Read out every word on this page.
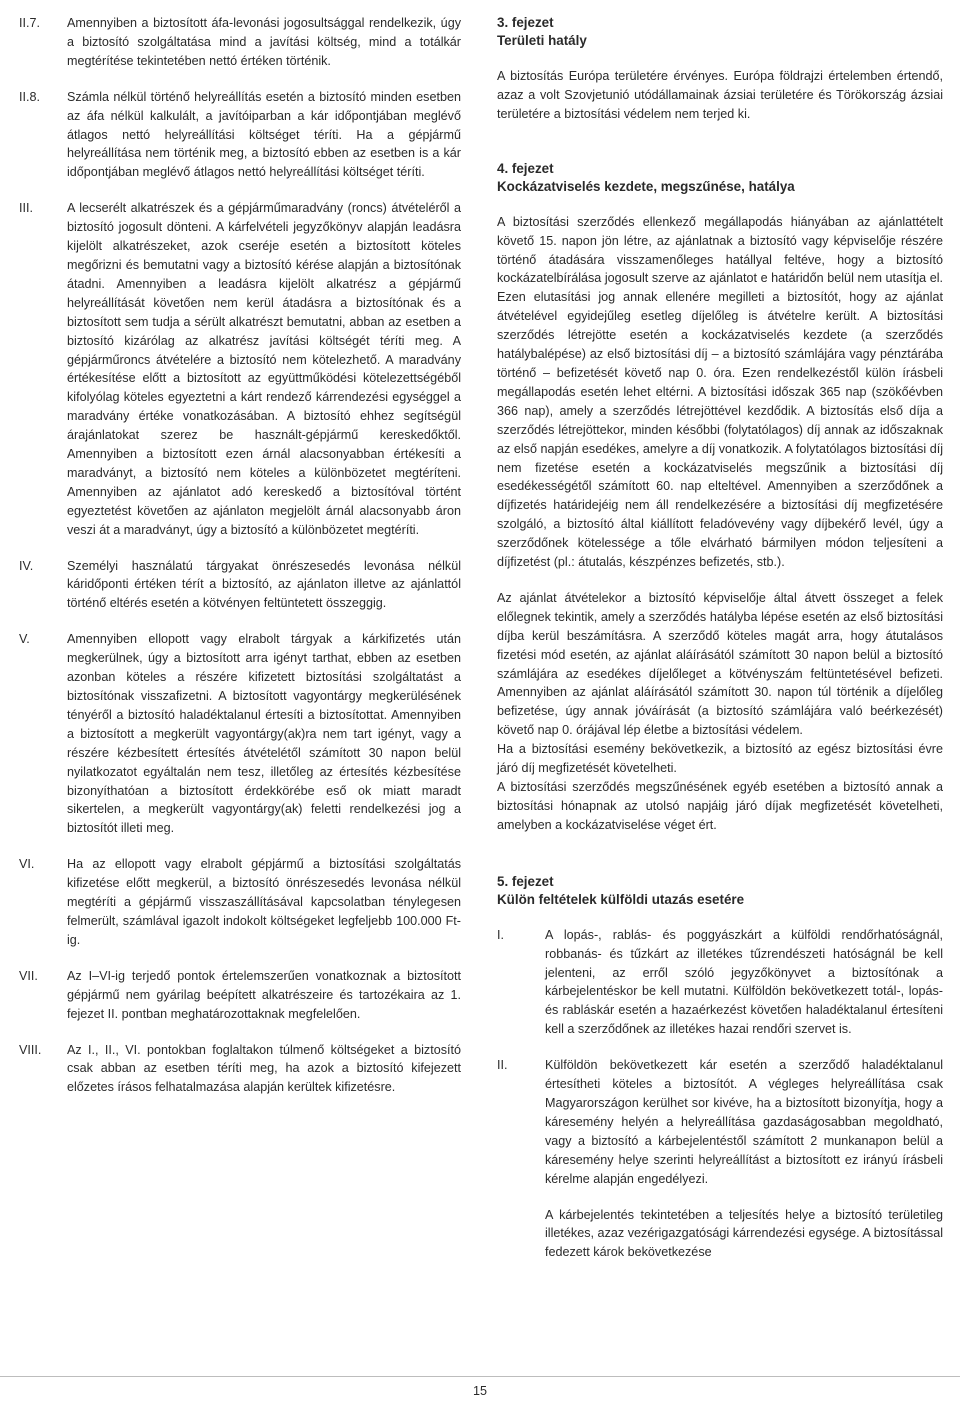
II.7.	Amennyiben a biztosított áfa-levonási jogosultsággal rendelkezik, úgy a biztosító szolgáltatása mind a javítási költség, mind a totálkár megtérítése tekintetében nettó értéken történik.

II.8.	Számla nélkül történő helyreállítás esetén a biztosító minden esetben az áfa nélkül kalkulált, a javítóiparban a kár időpontjában meglévő átlagos nettó helyreállítási költséget téríti. Ha a gépjármű helyreállítása nem történik meg, a biztosító ebben az esetben is a kár időpontjában meglévő átlagos nettó helyreállítási költséget téríti.

III.	A lecserélt alkatrészek és a gépjárműmaradvány (roncs) átvételéről a biztosító jogosult dönteni. A kárfelvételi jegyzőkönyv alapján leadásra kijelölt alkatrészeket, azok cseréje esetén a biztosított köteles megőrizni és bemutatni vagy a biztosító kérése alapján a biztosítónak átadni. Amennyiben a leadásra kijelölt alkatrész a gépjármű helyreállítását követően nem kerül átadásra a biztosítónak és a biztosított sem tudja a sérült alkatrészt bemutatni, abban az esetben a biztosító kizárólag az alkatrész javítási költségét téríti meg. A gépjárműroncs átvételére a biztosító nem kötelezhető. A maradvány értékesítése előtt a biztosított az együttműködési kötelezettségéből kifolyólag köteles egyeztetni a kárt rendező kárrendezési egységgel a maradvány értéke vonatkozásában. A biztosító ehhez segítségül árajánlatokat szerez be használt-gépjármű kereskedőktől. Amennyiben a biztosított ezen árnál alacsonyabban értékesíti a maradványt, a biztosító nem köteles a különbözetet megtéríteni. Amennyiben az ajánlatot adó kereskedő a biztosítóval történt egyeztetést követően az ajánlaton megjelölt árnál alacsonyabb áron veszi át a maradványt, úgy a biztosító a különbözetet megtéríti.

IV.	Személyi használatú tárgyakat önrészesedés levonása nélkül káridőponti értéken térít a biztosító, az ajánlaton illetve az ajánlattól történő eltérés esetén a kötvényen feltüntetett összeggig.

V.	Amennyiben ellopott vagy elrabolt tárgyak a kárkifizetés után megkerülnek, úgy a biztosított arra igényt tarthat, ebben az esetben azonban köteles a részére kifizetett biztosítási szolgáltatást a biztosítónak visszafizetni. A biztosított vagyontárgy megkerülésének tényéről a biztosító haladéktalanul értesíti a biztosítottat. Amennyiben a biztosított a megkerült vagyontárgy(ak)ra nem tart igényt, vagy a részére kézbesített értesítés átvételétől számított 30 napon belül nyilatkozatot egyáltalán nem tesz, illetőleg az értesítés kézbesítése bizonyíthatóan a biztosított érdekkörébe eső ok miatt maradt sikertelen, a megkerült vagyontárgy(ak) feletti rendelkezési jog a biztosítót illeti meg.

VI.	Ha az ellopott vagy elrabolt gépjármű a biztosítási szolgáltatás kifizetése előtt megkerül, a biztosító önrészesedés levonása nélkül megtéríti a gépjármű visszaszállításával kapcsolatban ténylegesen felmerült, számlával igazolt indokolt költségeket legfeljebb 100.000 Ft-ig.

VII.	Az I–VI-ig terjedő pontok értelemszerűen vonatkoznak a biztosított gépjármű nem gyárilag beépített alkatrészeire és tartozékaira az 1. fejezet II. pontban meghatározottaknak megfelelően.

VIII.	Az I., II., VI. pontokban foglaltakon túlmenő költségeket a biztosító csak abban az esetben téríti meg, ha azok a biztosító kifejezett előzetes írásos felhatalmazása alapján kerültek kifizetésre.

3. fejezet
Területi hatály

A biztosítás Európa területére érvényes. Európa földrajzi értelemben értendő, azaz a volt Szovjetunió utódállamainak ázsiai területére és Törökország ázsiai területére a biztosítási védelem nem terjed ki.

4. fejezet
Kockázatviselés kezdete, megszűnése, hatálya

A biztosítási szerződés ellenkező megállapodás hiányában az ajánlattételt követő 15. napon jön létre, az ajánlatnak a biztosító vagy képviselője részére történő átadására visszamenőleges hatállyal feltéve, hogy a biztosító kockázatelbírálása jogosult szerve az ajánlatot e határidőn belül nem utasítja el. Ezen elutasítási jog annak ellenére megilleti a biztosítót, hogy az ajánlat átvételével egyidejűleg esetleg díjelőleg is átvételre került. A biztosítási szerződés létrejötte esetén a kockázatviselés kezdete (a szerződés hatálybalépése) az első biztosítási díj – a biztosító számlájára vagy pénztárába történő – befizetését követő nap 0. óra. Ezen rendelkezéstől külön írásbeli megállapodás esetén lehet eltérni. A biztosítási időszak 365 nap (szökőévben 366 nap), amely a szerződés létrejöttével kezdődik. A biztosítás első díja a szerződés létrejöttekor, minden későbbi (folytatólagos) díj annak az időszaknak az első napján esedékes, amelyre a díj vonatkozik. A folytatólagos biztosítási díj nem fizetése esetén a kockázatviselés megszűnik a biztosítási díj esedékességétől számított 60. nap elteltével. Amennyiben a szerződőnek a díjfizetés határidejéig nem áll rendelkezésére a biztosítási díj megfizetésére szolgáló, a biztosító által kiállított feladóvevény vagy díjbekérő levél, úgy a szerződőnek kötelessége a tőle elvárható bármilyen módon teljesíteni a díjfizetést (pl.: átutalás, készpénzes befizetés, stb.).

Az ajánlat átvételekor a biztosító képviselője által átvett összeget a felek előlegnek tekintik, amely a szerződés hatályba lépése esetén az első biztosítási díjba kerül beszámításra. A szerződő köteles magát arra, hogy átutalásos fizetési mód esetén, az ajánlat aláírásától számított 30 napon belül a biztosító számlájára az esedékes díjelőleget a kötvényszám feltüntetésével befizeti. Amennyiben az ajánlat aláírásától számított 30. napon túl történik a díjelőleg befizetése, úgy annak jóváírását (a biztosító számlájára való beérkezését) követő nap 0. órájával lép életbe a biztosítási védelem.

Ha a biztosítási esemény bekövetkezik, a biztosító az egész biztosítási évre járó díj megfizetését követelheti.

A biztosítási szerződés megszűnésének egyéb esetében a biztosító annak a biztosítási hónapnak az utolsó napjáig járó díjak megfizetését követelheti, amelyben a kockázatviselése véget ért.

5. fejezet
Külön feltételek külföldi utazás esetére
I.	A lopás-, rablás- és poggyászkárt a külföldi rendőrhatóságnál, robbanás- és tűzkárt az illetékes tűzrendészeti hatóságnál be kell jelenteni, az erről szóló jegyzőkönyvet a biztosítónak a kárbejelentéskor be kell mutatni. Külföldön bekövetkezett totál-, lopás- és rabláskár esetén a hazaérkezést követően haladéktalanul értesíteni kell a szerződőnek az illetékes hazai rendőri szervet is.
II.	Külföldön bekövetkezett kár esetén a szerződő haladéktalanul értesítheti köteles a biztosítót. A végleges helyreállítása csak Magyarországon kerülhet sor kivéve, ha a biztosított bizonyítja, hogy a káresemény helyén a helyreállítása gazdaságosabban megoldható, vagy a biztosító a kárbejelentéstől számított 2 munkanapon belül a káresemény helye szerinti helyreállítást a biztosított ez irányú írásbeli kérelme alapján engedélyezi.
A kárbejelentés tekintetében a teljesítés helye a biztosító területileg illetékes, azaz vezérigazgatósági kárrendezési egysége. A biztosítással fedezett károk bekövetkezése
15
